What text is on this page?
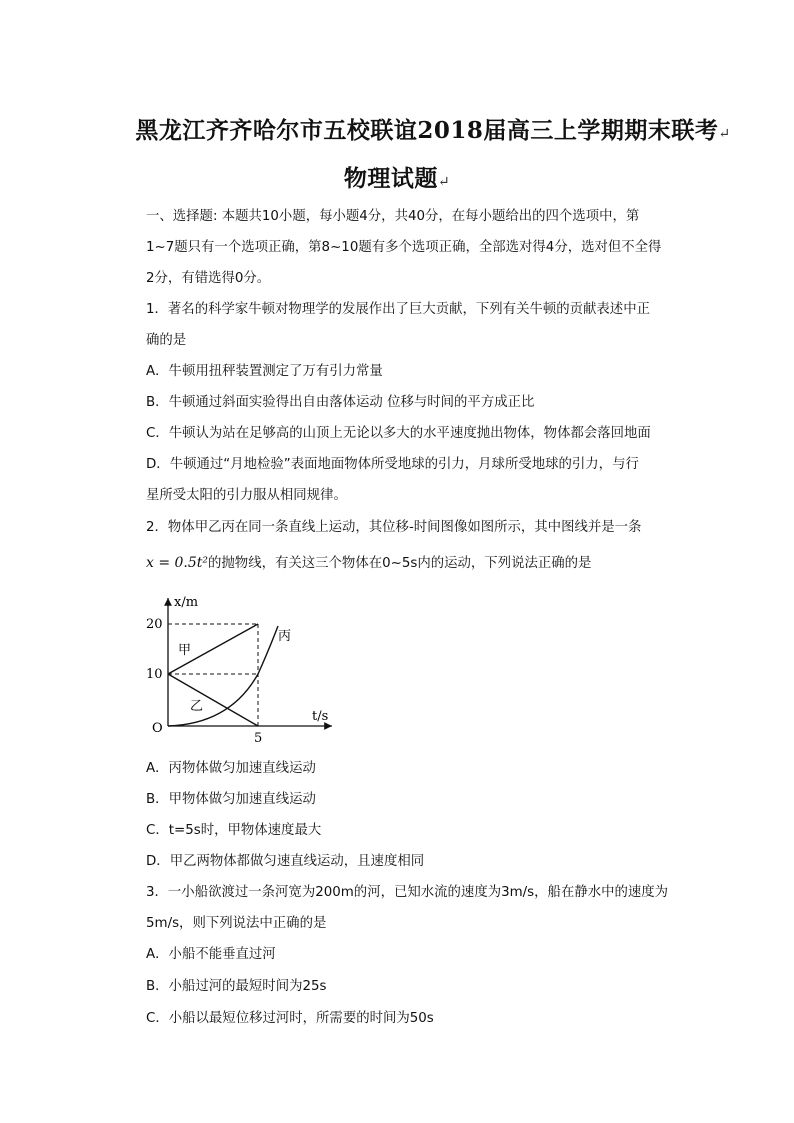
黑龙江齐齐哈尔市五校联谊2018届高三上学期期末联考↵
物理试题↵
一、选择题: 本题共10小题，每小题4分，共40分，在每小题给出的四个选项中，第
1~7题只有一个选项正确，第8~10题有多个选项正确，全部选对得4分，选对但不全得
2分，有错选得0分。
1．著名的科学家牛顿对物理学的发展作出了巨大贡献，下列有关牛顿的贡献表述中正
确的是
A．牛顿用扭秤装置测定了万有引力常量
B．牛顿通过斜面实验得出自由落体运动 位移与时间的平方成正比
C．牛顿认为站在足够高的山顶上无论以多大的水平速度抛出物体，物体都会落回地面
D．牛顿通过“月地检验”表面地面物体所受地球的引力，月球所受地球的引力，与行
星所受太阳的引力服从相同规律。
2．物体甲乙丙在同一条直线上运动，其位移-时间图像如图所示，其中图线并是一条
x = 0.5t²的抛物线，有关这三个物体在0~5s内的运动，下列说法正确的是
x/m
t/s
O
20
10
5
甲
乙
丙
A．丙物体做匀加速直线运动
B．甲物体做匀加速直线运动
C．t=5s时，甲物体速度最大
D．甲乙两物体都做匀速直线运动，且速度相同
3．一小船欲渡过一条河宽为200m的河，已知水流的速度为3m/s，船在静水中的速度为
5m/s，则下列说法中正确的是
A．小船不能垂直过河
B．小船过河的最短时间为25s
C．小船以最短位移过河时，所需要的时间为50s
